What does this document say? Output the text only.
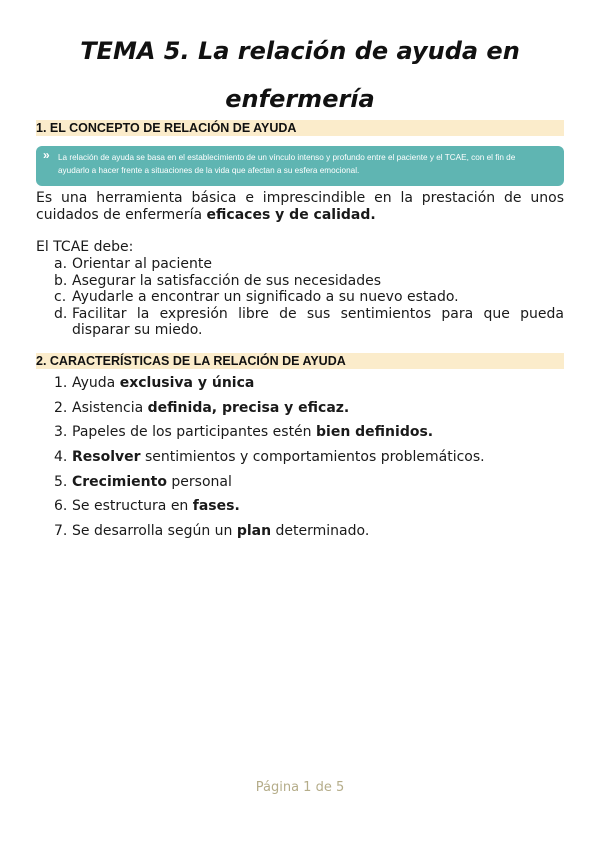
TEMA 5. La relación de ayuda en
enfermería
1. EL CONCEPTO DE RELACIÓN DE AYUDA
» La relación de ayuda se basa en el establecimiento de un vínculo intenso y profundo entre el paciente y el TCAE, con el fin de
ayudarlo a hacer frente a situaciones de la vida que afectan a su esfera emocional.

Es una herramienta básica e imprescindible en la prestación de unos cuidados de enfermería eficaces y de calidad.

El TCAE debe:

a. Orientar al paciente
b. Asegurar la satisfacción de sus necesidades
c. Ayudarle a encontrar un significado a su nuevo estado.
d. Facilitar la expresión libre de sus sentimientos para que pueda disparar su miedo.
2. CARACTERÍSTICAS DE LA RELACIÓN DE AYUDA
1. Ayuda exclusiva y única
2. Asistencia definida, precisa y eficaz.
3. Papeles de los participantes estén bien definidos.
4. Resolver sentimientos y comportamientos problemáticos.
5. Crecimiento personal
6. Se estructura en fases.
7. Se desarrolla según un plan determinado.
Página 1 de 5
